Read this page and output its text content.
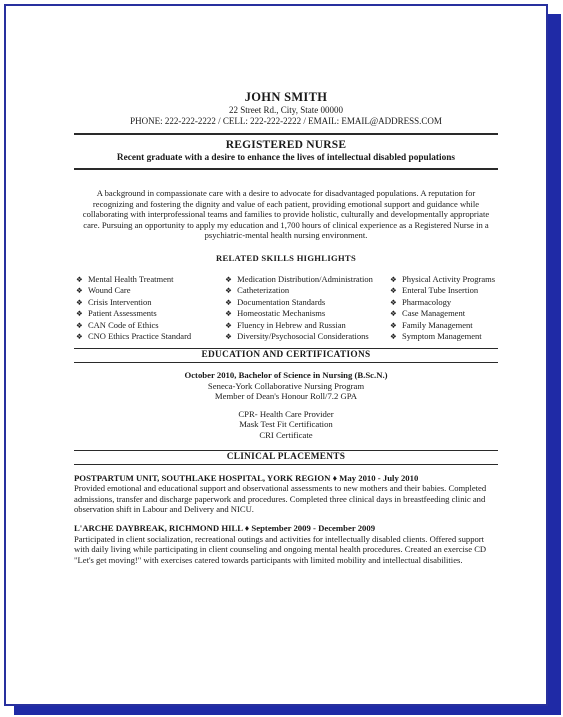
JOHN SMITH
22 Street Rd., City, State 00000
PHONE: 222-222-2222 / CELL: 222-222-2222 / EMAIL: EMAIL@ADDRESS.COM
REGISTERED NURSE
Recent graduate with a desire to enhance the lives of intellectual disabled populations
A background in compassionate care with a desire to advocate for disadvantaged populations. A reputation for recognizing and fostering the dignity and value of each patient, providing emotional support and guidance while collaborating with interprofessional teams and families to provide holistic, culturally and developmentally appropriate care. Pursuing an opportunity to apply my education and 1,700 hours of clinical experience as a Registered Nurse in a psychiatric-mental health nursing environment.
RELATED SKILLS HIGHLIGHTS
❖ Mental Health Treatment
❖ Wound Care
❖ Crisis Intervention
❖ Patient Assessments
❖ CAN Code of Ethics
❖ CNO Ethics Practice Standard
❖ Medication Distribution/Administration
❖ Catheterization
❖ Documentation Standards
❖ Homeostatic Mechanisms
❖ Fluency in Hebrew and Russian
❖ Diversity/Psychosocial Considerations
❖ Physical Activity Programs
❖ Enteral Tube Insertion
❖ Pharmacology
❖ Case Management
❖ Family Management
❖ Symptom Management
EDUCATION AND CERTIFICATIONS
October 2010, Bachelor of Science in Nursing (B.Sc.N.)
Seneca-York Collaborative Nursing Program
Member of Dean's Honour Roll/7.2 GPA
CPR- Health Care Provider
Mask Test Fit Certification
CRI Certificate
CLINICAL PLACEMENTS
POSTPARTUM UNIT, SOUTHLAKE HOSPITAL, YORK REGION ♦ May 2010 - July 2010
Provided emotional and educational support and observational assessments to new mothers and their babies. Completed admissions, transfer and discharge paperwork and procedures. Completed three clinical days in breastfeeding clinic and observation shift in Labour and Delivery and NICU.
L'ARCHE DAYBREAK, RICHMOND HILL ♦ September 2009 - December 2009
Participated in client socialization, recreational outings and activities for intellectually disabled clients. Offered support with daily living while participating in client counseling and ongoing mental health procedures. Created an exercise CD "Let's get moving!" with exercises catered towards participants with limited mobility and intellectual disabilities.
